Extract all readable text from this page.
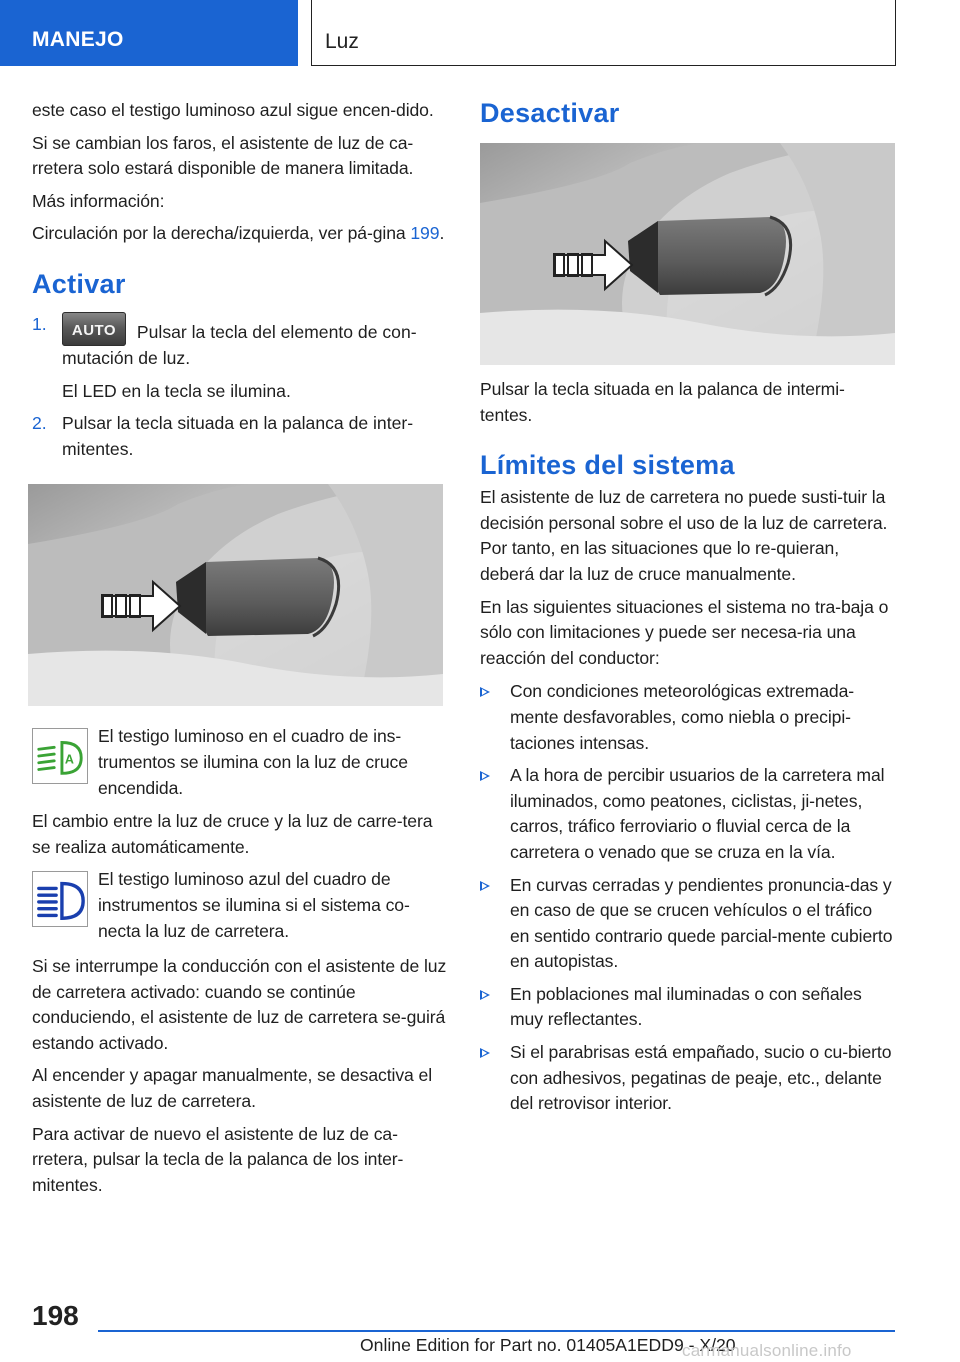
MANEJO	Luz

este caso el testigo luminoso azul sigue encen-dido.

Si se cambian los faros, el asistente de luz de ca-rretera solo estará disponible de manera limitada.

Más información:

Circulación por la derecha/izquierda, ver pá-gina 199.

Activar
1.	AUTO Pulsar la tecla del elemento de con-mutación de luz.
El LED en la tecla se ilumina.
2. Pulsar la tecla situada en la palanca de inter-mitentes.
A

El testigo luminoso en el cuadro de ins-trumentos se ilumina con la luz de cruce encendida.

El cambio entre la luz de cruce y la luz de carre-tera se realiza automáticamente.

El testigo luminoso azul del cuadro de instrumentos se ilumina si el sistema co-necta la luz de carretera.

Si se interrumpe la conducción con el asistente de luz de carretera activado: cuando se continúe conduciendo, el asistente de luz de carretera se-guirá estando activado.

Al encender y apagar manualmente, se desactiva el asistente de luz de carretera.

Para activar de nuevo el asistente de luz de ca-rretera, pulsar la tecla de la palanca de los inter-mitentes.

Desactivar

Pulsar la tecla situada en la palanca de intermi-tentes.

Límites del sistema

El asistente de luz de carretera no puede susti-tuir la decisión personal sobre el uso de la luz de carretera. Por tanto, en las situaciones que lo re-quieran, deberá dar la luz de cruce manualmente.

En las siguientes situaciones el sistema no tra-baja o sólo con limitaciones y puede ser necesa-ria una reacción del conductor:

Con condiciones meteorológicas extremada-mente desfavorables, como niebla o precipi-taciones intensas.
A la hora de percibir usuarios de la carretera mal iluminados, como peatones, ciclistas, ji-netes, carros, tráfico ferroviario o fluvial cerca de la carretera o venado que se cruza en la vía.
En curvas cerradas y pendientes pronuncia-das y en caso de que se crucen vehículos o el tráfico en sentido contrario quede parcial-mente cubierto en autopistas.
En poblaciones mal iluminadas o con señales muy reflectantes.
Si el parabrisas está empañado, sucio o cu-bierto con adhesivos, pegatinas de peaje, etc., delante del retrovisor interior.
198
Online Edition for Part no. 01405A1EDD9 - X/20
carmanualsonline.info
